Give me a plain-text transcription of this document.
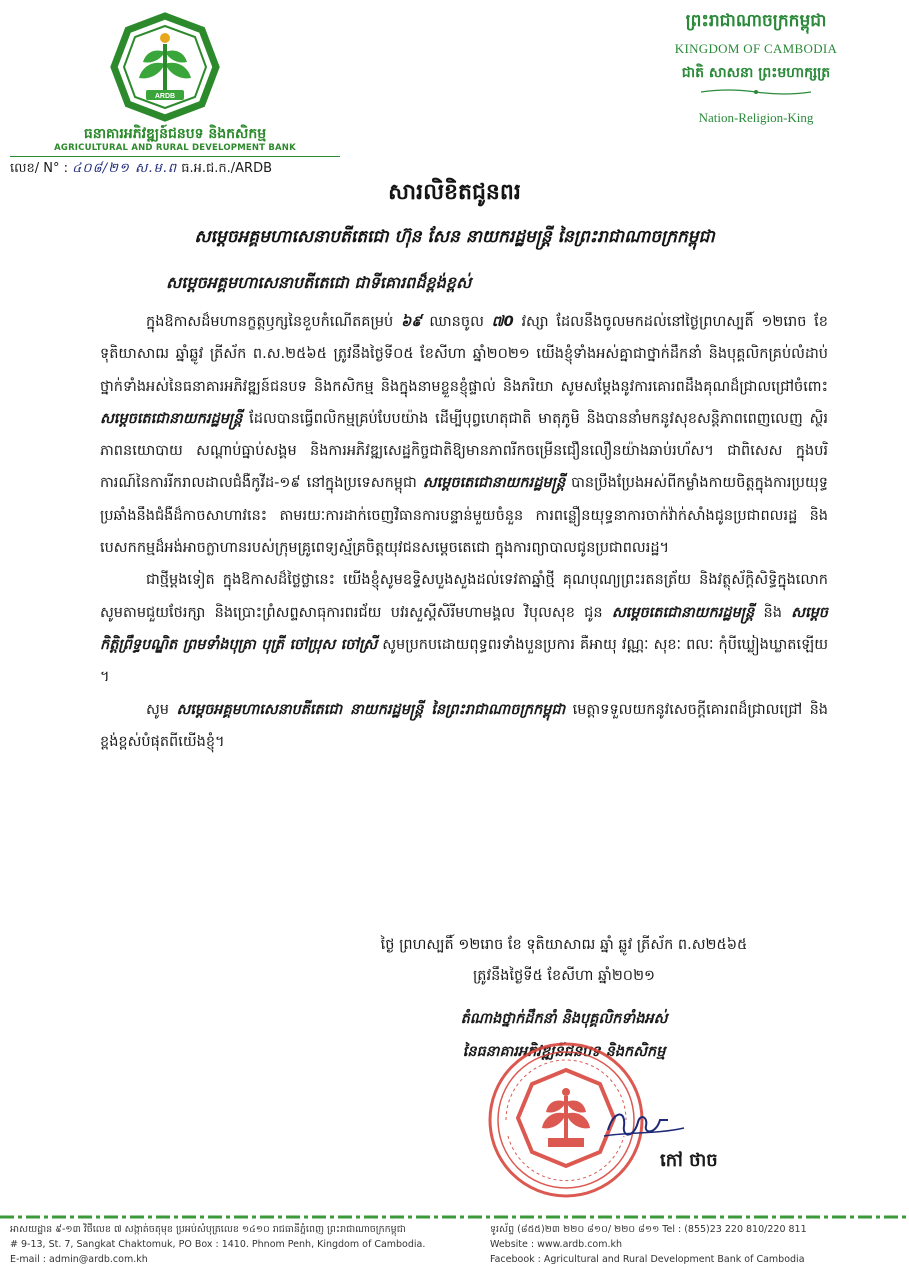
ARDB
ធនាគារអភិវឌ្ឍន៍ជនបទ និងកសិកម្ម
AGRICULTURAL AND RURAL DEVELOPMENT BANK
លេខ/ N° : ៤០៨/២១ ស.ម.ព ធ.អ.ជ.ក./ARDB
ព្រះរាជាណាចក្រកម្ពុជា
KINGDOM OF CAMBODIA
ជាតិ សាសនា ព្រះមហាក្សត្រ
Nation-Religion-King
សារលិខិតជូនពរ
សម្តេចអគ្គមហាសេនាបតីតេជោ ហ៊ុន សែន នាយករដ្ឋមន្ត្រី នៃព្រះរាជាណាចក្រកម្ពុជា
សម្តេចអគ្គមហាសេនាបតីតេជោ ជាទីគោរពដ៏ខ្ពង់ខ្ពស់

ក្នុងឱកាសដ៏មហានក្ខត្តឫក្សនៃខួបកំណើតគម្រប់ ៦៩ ឈានចូល ៧0 វស្សា ដែលនឹងចូលមកដល់នៅថ្ងៃព្រហស្បតិ៍ ១២រោច ខែទុតិយាសាឍ ឆ្នាំឆ្លូវ ត្រីស័ក ព.ស.២៥៦៥ ត្រូវនឹងថ្ងៃទី០៥ ខែសីហា ឆ្នាំ២០២១ យើងខ្ញុំទាំងអស់គ្នាជាថ្នាក់ដឹកនាំ និងបុគ្គលិកគ្រប់លំដាប់ថ្នាក់ទាំងអស់នៃធនាគារអភិវឌ្ឍន៍ជនបទ និងកសិកម្ម និងក្នុងនាមខ្លួនខ្ញុំផ្ទាល់ និងភរិយា សូមសម្តែងនូវការគោរពដឹងគុណដ៏ជ្រាលជ្រៅចំពោះ សម្តេចតេជោនាយករដ្ឋមន្ត្រី ដែលបានធ្វើពលិកម្មគ្រប់បែបយ៉ាង ដើម្បីបុព្វហេតុជាតិ មាតុភូមិ និងបាននាំមកនូវសុខសន្តិភាពពេញលេញ ស្ថិរភាពនយោបាយ សណ្តាប់ធ្នាប់សង្គម និងការអភិវឌ្ឍសេដ្ឋកិច្ចជាតិឱ្យមានភាពរីកចម្រើនជឿនលឿនយ៉ាងឆាប់រហ័ស។ ជាពិសេស ក្នុងបរិការណ៍នៃការរីករាលដាលជំងឺកូវីដ-១៩ នៅក្នុងប្រទេសកម្ពុជា សម្តេចតេជោនាយករដ្ឋមន្ត្រី បានប្រឹងប្រែងអស់ពីកម្លាំងកាយចិត្តក្នុងការប្រយុទ្ធប្រឆាំងនឹងជំងឺដ៏កាចសាហាវនេះ តាមរយៈការដាក់ចេញវិធានការបន្ទាន់មួយចំនួន ការពន្លឿនយុទ្ធនាការចាក់វ៉ាក់សាំងជូនប្រជាពលរដ្ឋ និងបេសកកម្មដ៏អង់អាចក្លាហានរបស់ក្រុមគ្រូពេទ្យស្ម័គ្រចិត្តយុវជនសម្តេចតេជោ ក្នុងការព្យាបាលជូនប្រជាពលរដ្ឋ។

ជាថ្មីម្តងទៀត ក្នុងឱកាសដ៏ថ្លៃថ្លានេះ យើងខ្ញុំសូមឧទ្ទិសបួងសួងដល់ទេវតាឆ្នាំថ្មី គុណបុណ្យព្រះរតនត្រ័យ និងវត្ថុស័ក្តិសិទ្ធិក្នុងលោក សូមតាមជួយថែរក្សា និងប្រោះព្រំសព្ទសាធុការពរជ័យ បវរសួស្តីសិរីមហាមង្គល វិបុលសុខ ជូន សម្តេចតេជោនាយករដ្ឋមន្ត្រី និង សម្តេចកិត្តិព្រឹទ្ធបណ្ឌិត ព្រមទាំងបុត្រា បុត្រី ចៅប្រុស ចៅស្រី សូមប្រកបដោយពុទ្ធពរទាំងបួនប្រការ គឺអាយុ វណ្ណៈ សុខៈ ពលៈ កុំបីឃ្លៀងឃ្លាតឡើយ ។

សូម សម្តេចអគ្គមហាសេនាបតីតេជោ នាយករដ្ឋមន្ត្រី នៃព្រះរាជាណាចក្រកម្ពុជា មេត្តាទទួលយកនូវសេចក្តីគោរពដ៏ជ្រាលជ្រៅ និងខ្ពង់ខ្ពស់បំផុតពីយើងខ្ញុំ។

ថ្ងៃ ព្រហស្បតិ៍ ១២រោច ខែ ទុតិយាសាឍ ឆ្នាំ ឆ្លូវ ត្រីស័ក ព.ស២៥៦៥
ត្រូវនឹងថ្ងៃទី៥ ខែសីហា ឆ្នាំ២០២១
តំណាងថ្នាក់ដឹកនាំ និងបុគ្គលិកទាំងអស់
នៃធនាគារអភិវឌ្ឍន៍ជនបទ និងកសិកម្ម
កៅ ថាច
អាសយដ្ឋាន ៩-១៣ វិថីលេខ ៧ សង្កាត់ចតុមុខ ប្រអប់សំបុត្រលេខ ១៤១០ រាជធានីភ្នំពេញ ព្រះរាជាណាចក្រកម្ពុជា
# 9-13, St. 7, Sangkat Chaktomuk, PO Box : 1410. Phnom Penh, Kingdom of Cambodia.
E-mail : admin@ardb.com.kh
ទូរស័ព្ទ (៨៥៥)២៣ ២២០ ៨១០/ ២២០ ៨១១ Tel : (855)23 220 810/220 811
Website : www.ardb.com.kh
Facebook : Agricultural and Rural Development Bank of Cambodia
